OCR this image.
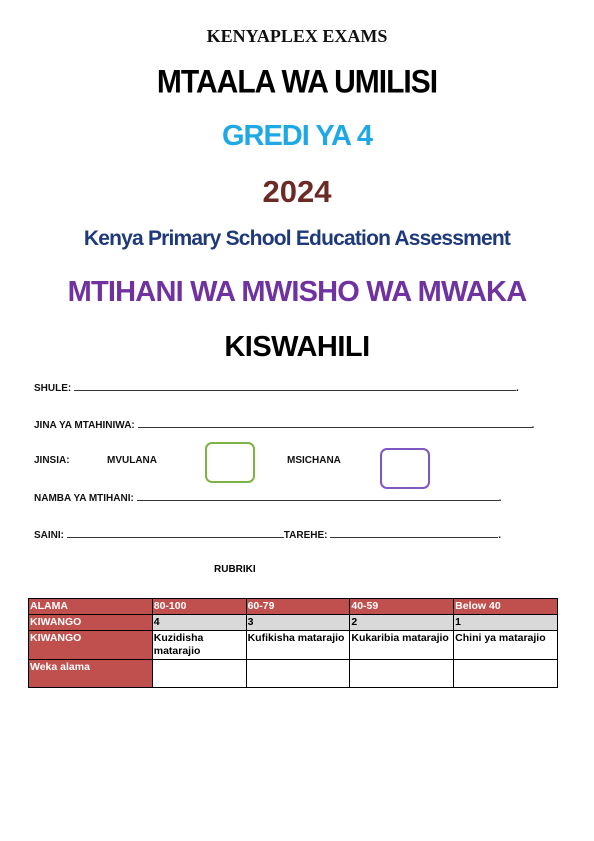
KENYAPLEX EXAMS
MTAALA WA UMILISI
GREDI YA 4
2024
Kenya Primary School Education Assessment
MTIHANI WA MWISHO WA MWAKA
KISWAHILI
SHULE:	.
JINA YA MTAHINIWA:	.
JINSIA:	MVULANA	MSICHANA
NAMBA YA MTIHANI:	.
SAINI:	TAREHE:	.
RUBRIKI
ALAMA	80-100	60-79	40-59	Below 40
KIWANGO	4	3	2	1
KIWANGO	Kuzidisha matarajio	Kufikisha matarajio	Kukaribia matarajio	Chini ya matarajio
Weka alama				
